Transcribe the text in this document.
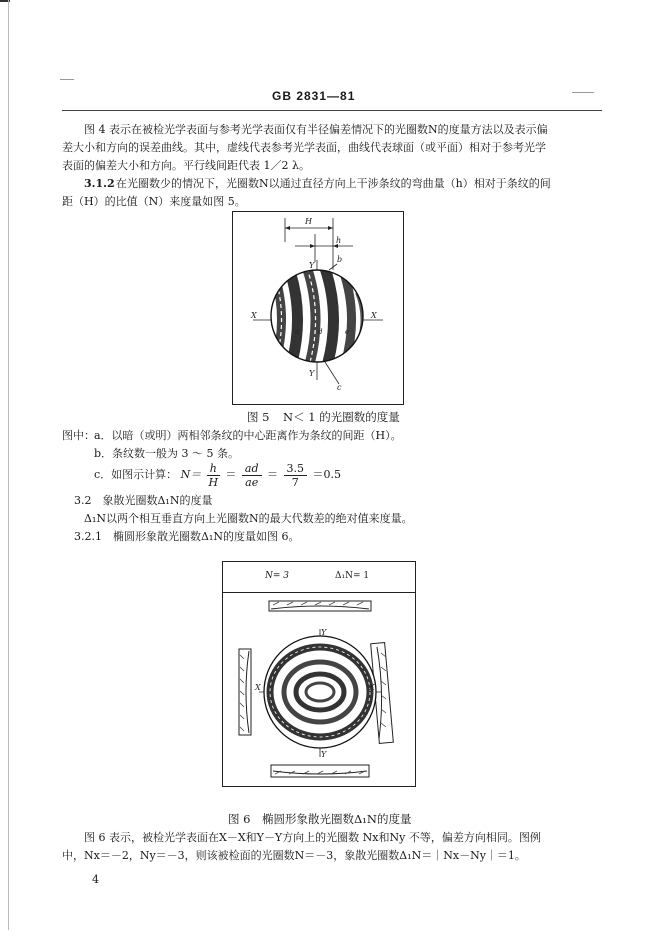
GB 2831—81
图 4 表示在被检光学表面与参考光学表面仅有半径偏差情况下的光圈数N的度量方法以及表示偏
差大小和方向的误差曲线。其中，虚线代表参考光学表面，曲线代表球面（或平面）相对于参考光学
表面的偏差大小和方向。平行线间距代表 1／2 λ。
3.1.2 在光圈数少的情况下，光圈数N以通过直径方向上干涉条纹的弯曲量（h）相对于条纹的间
距（H）的比值（N）来度量如图 5。
H
h
Y
b
X	X
a	d	e
Y
c
图 5 N＜ 1 的光圈数的度量
图中： a．以暗（或明）两相邻条纹的中心距离作为条纹的间距（H）。
b．条纹数一般为 3 ～ 5 条。
c．如图示计算： $N= \frac{h}{H} = \frac{ad}{ae} = \frac{3.5}{7} =0.5$
3.2　象散光圈数Δ₁N的度量
Δ₁N以两个相互垂直方向上光圈数N的最大代数差的绝对值来度量。
3.2.1　椭圆形象散光圈数Δ₁N的度量如图 6。
N= 3	Δ₁N= 1
Y
Y
X	X
图 6 椭圆形象散光圈数Δ₁N的度量
图 6 表示，被检光学表面在X－X和Y－Y方向上的光圈数 Nx和Ny 不等，偏差方向相同。图例
中，Nx＝－2，Ny＝－3，则该被检面的光圈数N＝－3，象散光圈数Δ₁N＝｜Nx－Ny｜＝1。
4
